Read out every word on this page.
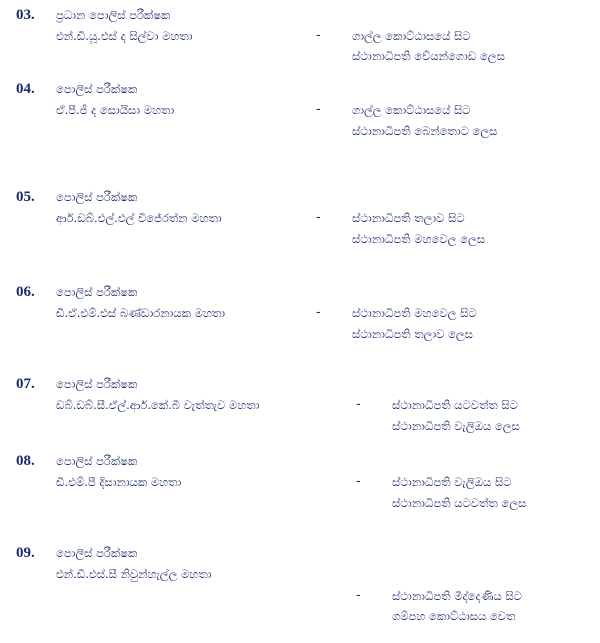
03. ප්‍රධාන පොලිස් පරීක්ෂක
එන්.ඩී.යූ.එස් ද සිල්වා මහතා	-	ගාල්ල කොට්ඨාසයේ සිට
ස්ථානාධිපති වේයන්ගොඩ ලෙස
04. පොලිස් පරීක්ෂක
ඒ.පී.ජී ද සොයිසා මහතා	-	ගාල්ල කොට්ඨාසයේ සිට
ස්ථානාධිපති බෙන්තොට ලෙස
05. පොලිස් පරීක්ෂක
ආර්.ඩබ්.එල්.එල් විජේරත්න මහතා	-	ස්ථානාධිපති තලාව සිට
ස්ථානාධිපති මහවෙල ලෙස
06. පොලිස් පරීක්ෂක
ඩී.ඒ.එම්.එස් බණ්ඩාරනායක මහතා	-	ස්ථානාධිපති මහවෙල සිට
ස්ථානාධිපති තලාව ලෙස
07. පොලිස් පරීක්ෂක
ඩබ්.ඩබ්.සී.ඒල්.ආර්.කේ.බී වැත්තැව මහතා	-	ස්ථානාධිපති යටවත්ත සිට
ස්ථානාධිපති වැලිඔය ලෙස
08. පොලිස් පරීක්ෂක
ඩී.එම්.පී දිසානායක මහතා	-	ස්ථානාධිපති වැලිඔය සිට
ස්ථානාධිපති යටවත්ත ලෙස
09. පොලිස් පරීක්ෂක
එන්.ඩී.එස්.සී නිවුන්හැල්ල මහතා
-	ස්ථානාධිපති මීද්දෙණිය සිට
ගම්පහ කොට්ඨාසය වෙත
